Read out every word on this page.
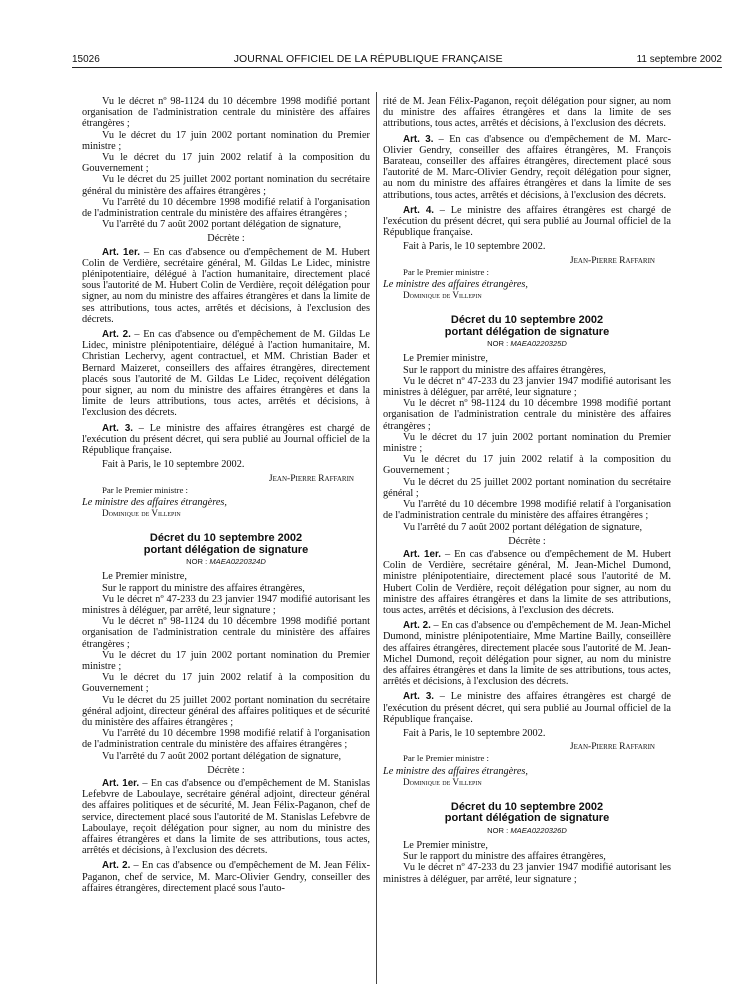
15026	JOURNAL OFFICIEL DE LA RÉPUBLIQUE FRANÇAISE	11 septembre 2002

Vu le décret nº 98-1124 du 10 décembre 1998 modifié portant organisation de l'administration centrale du ministère des affaires étrangères ;

Vu le décret du 17 juin 2002 portant nomination du Premier ministre ;

Vu le décret du 17 juin 2002 relatif à la composition du Gouvernement ;

Vu le décret du 25 juillet 2002 portant nomination du secrétaire général du ministère des affaires étrangères ;

Vu l'arrêté du 10 décembre 1998 modifié relatif à l'organisation de l'administration centrale du ministère des affaires étrangères ;

Vu l'arrêté du 7 août 2002 portant délégation de signature,

Décrète :

Art. 1er. – En cas d'absence ou d'empêchement de M. Hubert Colin de Verdière, secrétaire général, M. Gildas Le Lidec, ministre plénipotentiaire, délégué à l'action humanitaire, directement placé sous l'autorité de M. Hubert Colin de Verdière, reçoit délégation pour signer, au nom du ministre des affaires étrangères et dans la limite de ses attributions, tous actes, arrêtés et décisions, à l'exclusion des décrets.

Art. 2. – En cas d'absence ou d'empêchement de M. Gildas Le Lidec, ministre plénipotentiaire, délégué à l'action humanitaire, M. Christian Lechervy, agent contractuel, et MM. Christian Bader et Bernard Maizeret, conseillers des affaires étrangères, directement placés sous l'autorité de M. Gildas Le Lidec, reçoivent délégation pour signer, au nom du ministre des affaires étrangères et dans la limite de leurs attributions, tous actes, arrêtés et décisions, à l'exclusion des décrets.

Art. 3. – Le ministre des affaires étrangères est chargé de l'exécution du présent décret, qui sera publié au Journal officiel de la République française.

Fait à Paris, le 10 septembre 2002.

Jean-Pierre Raffarin

Par le Premier ministre :

Le ministre des affaires étrangères,

Dominique de Villepin

Décret du 10 septembre 2002
portant délégation de signature
NOR : MAEA0220324D

Le Premier ministre,

Sur le rapport du ministre des affaires étrangères,

Vu le décret nº 47-233 du 23 janvier 1947 modifié autorisant les ministres à déléguer, par arrêté, leur signature ;

Vu le décret nº 98-1124 du 10 décembre 1998 modifié portant organisation de l'administration centrale du ministère des affaires étrangères ;

Vu le décret du 17 juin 2002 portant nomination du Premier ministre ;

Vu le décret du 17 juin 2002 relatif à la composition du Gouvernement ;

Vu le décret du 25 juillet 2002 portant nomination du secrétaire général adjoint, directeur général des affaires politiques et de sécurité du ministère des affaires étrangères ;

Vu l'arrêté du 10 décembre 1998 modifié relatif à l'organisation de l'administration centrale du ministère des affaires étrangères ;

Vu l'arrêté du 7 août 2002 portant délégation de signature,

Décrète :

Art. 1er. – En cas d'absence ou d'empêchement de M. Stanislas Lefebvre de Laboulaye, secrétaire général adjoint, directeur général des affaires politiques et de sécurité, M. Jean Félix-Paganon, chef de service, directement placé sous l'autorité de M. Stanislas Lefebvre de Laboulaye, reçoit délégation pour signer, au nom du ministre des affaires étrangères et dans la limite de ses attributions, tous actes, arrêtés et décisions, à l'exclusion des décrets.

Art. 2. – En cas d'absence ou d'empêchement de M. Jean Félix-Paganon, chef de service, M. Marc-Olivier Gendry, conseiller des affaires étrangères, directement placé sous l'auto-

rité de M. Jean Félix-Paganon, reçoit délégation pour signer, au nom du ministre des affaires étrangères et dans la limite de ses attributions, tous actes, arrêtés et décisions, à l'exclusion des décrets.

Art. 3. – En cas d'absence ou d'empêchement de M. Marc-Olivier Gendry, conseiller des affaires étrangères, M. François Barateau, conseiller des affaires étrangères, directement placé sous l'autorité de M. Marc-Olivier Gendry, reçoit délégation pour signer, au nom du ministre des affaires étrangères et dans la limite de ses attributions, tous actes, arrêtés et décisions, à l'exclusion des décrets.

Art. 4. – Le ministre des affaires étrangères est chargé de l'exécution du présent décret, qui sera publié au Journal officiel de la République française.

Fait à Paris, le 10 septembre 2002.

Jean-Pierre Raffarin

Par le Premier ministre :

Le ministre des affaires étrangères,

Dominique de Villepin

Décret du 10 septembre 2002
portant délégation de signature
NOR : MAEA0220325D

Le Premier ministre,

Sur le rapport du ministre des affaires étrangères,

Vu le décret nº 47-233 du 23 janvier 1947 modifié autorisant les ministres à déléguer, par arrêté, leur signature ;

Vu le décret nº 98-1124 du 10 décembre 1998 modifié portant organisation de l'administration centrale du ministère des affaires étrangères ;

Vu le décret du 17 juin 2002 portant nomination du Premier ministre ;

Vu le décret du 17 juin 2002 relatif à la composition du Gouvernement ;

Vu le décret du 25 juillet 2002 portant nomination du secrétaire général ;

Vu l'arrêté du 10 décembre 1998 modifié relatif à l'organisation de l'administration centrale du ministère des affaires étrangères ;

Vu l'arrêté du 7 août 2002 portant délégation de signature,

Décrète :

Art. 1er. – En cas d'absence ou d'empêchement de M. Hubert Colin de Verdière, secrétaire général, M. Jean-Michel Dumond, ministre plénipotentiaire, directement placé sous l'autorité de M. Hubert Colin de Verdière, reçoit délégation pour signer, au nom du ministre des affaires étrangères et dans la limite de ses attributions, tous actes, arrêtés et décisions, à l'exclusion des décrets.

Art. 2. – En cas d'absence ou d'empêchement de M. Jean-Michel Dumond, ministre plénipotentiaire, Mme Martine Bailly, conseillère des affaires étrangères, directement placée sous l'autorité de M. Jean-Michel Dumond, reçoit délégation pour signer, au nom du ministre des affaires étrangères et dans la limite de ses attributions, tous actes, arrêtés et décisions, à l'exclusion des décrets.

Art. 3. – Le ministre des affaires étrangères est chargé de l'exécution du présent décret, qui sera publié au Journal officiel de la République française.

Fait à Paris, le 10 septembre 2002.

Jean-Pierre Raffarin

Par le Premier ministre :

Le ministre des affaires étrangères,

Dominique de Villepin

Décret du 10 septembre 2002
portant délégation de signature
NOR : MAEA0220326D

Le Premier ministre,

Sur le rapport du ministre des affaires étrangères,

Vu le décret nº 47-233 du 23 janvier 1947 modifié autorisant les ministres à déléguer, par arrêté, leur signature ;
